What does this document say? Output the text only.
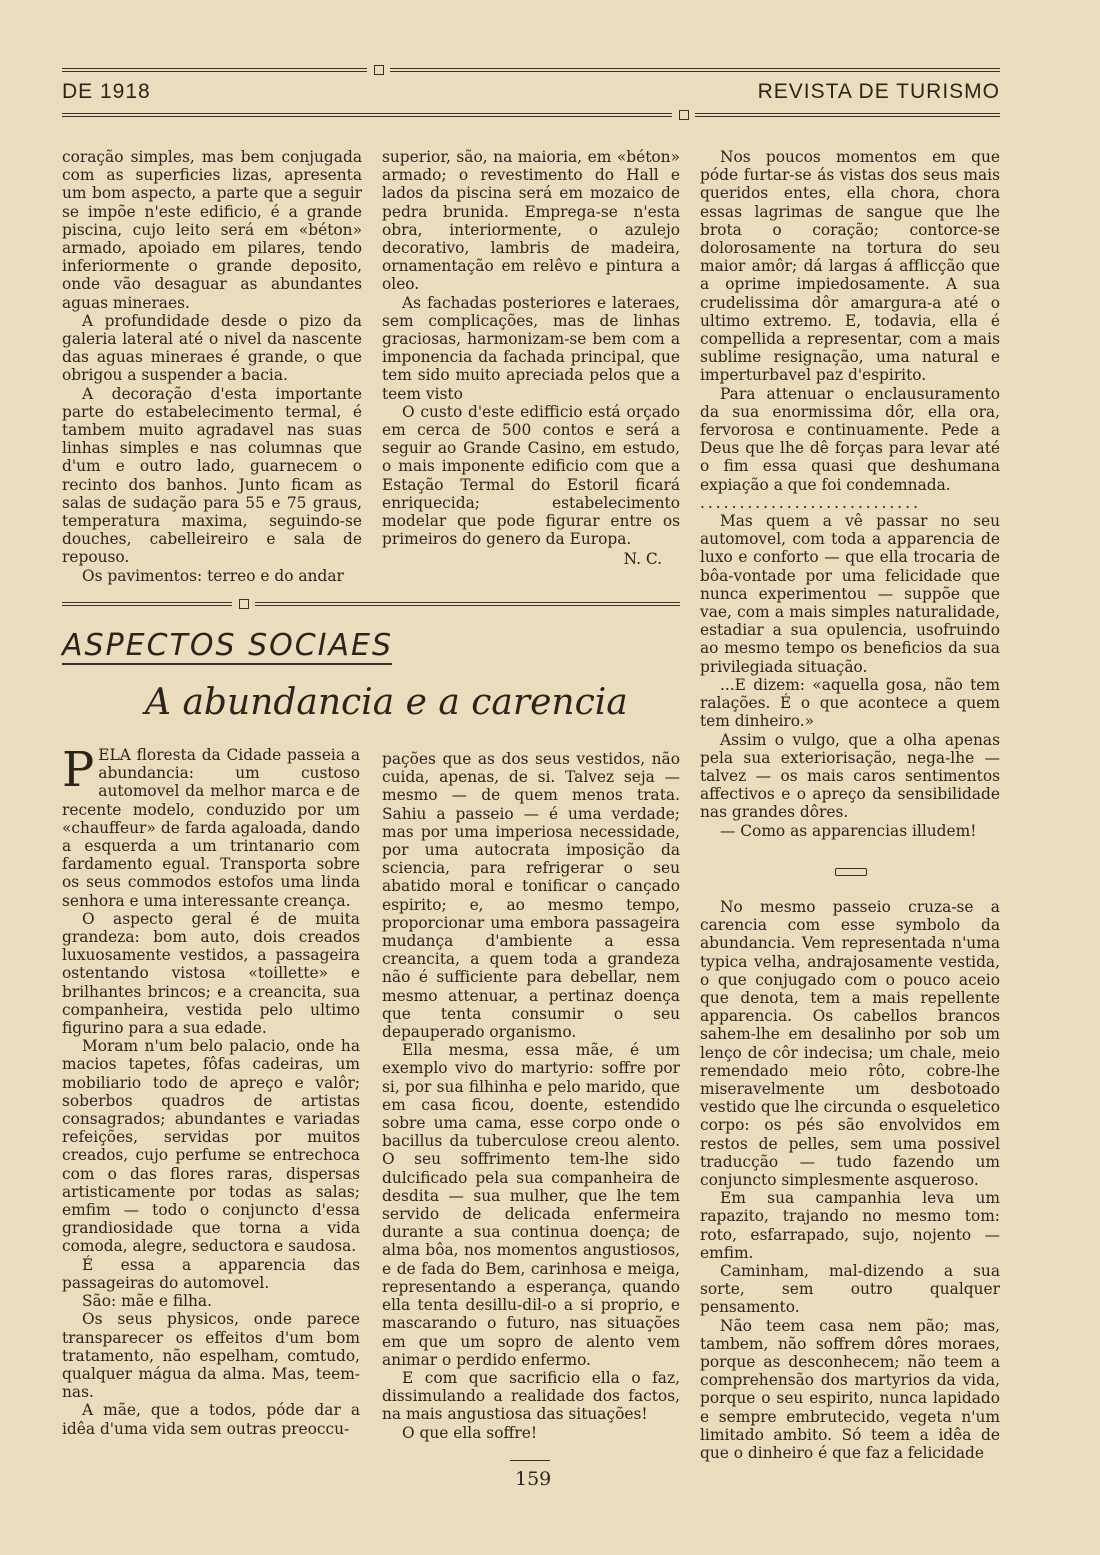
DE 1918	REVISTA DE TURISMO

coração simples, mas bem conjugada com as superficies lizas, apresenta um bom aspecto, a parte que a seguir se impõe n'este edificio, é a grande piscina, cujo leito será em «béton» armado, apoiado em pilares, tendo inferiormente o grande deposito, onde vão desaguar as abundantes aguas mineraes.

A profundidade desde o pizo da galeria lateral até o nivel da nascente das aguas mineraes é grande, o que obrigou a suspender a bacia.

A decoração d'esta importante parte do estabelecimento termal, é tambem muito agradavel nas suas linhas simples e nas columnas que d'um e outro lado, guarnecem o recinto dos banhos. Junto ficam as salas de sudação para 55 e 75 graus, temperatura maxima, seguindo-se douches, cabelleireiro e sala de repouso.

Os pavimentos: terreo e do andar

superior, são, na maioria, em «béton» armado; o revestimento do Hall e lados da piscina será em mozaico de pedra brunida. Emprega-se n'esta obra, interiormente, o azulejo decorativo, lambris de madeira, ornamentação em relêvo e pintura a oleo.

As fachadas posteriores e lateraes, sem complicações, mas de linhas graciosas, harmonizam-se bem com a imponencia da fachada principal, que tem sido muito apreciada pelos que a teem visto

O custo d'este edifficio está orçado em cerca de 500 contos e será a seguir ao Grande Casino, em estudo, o mais imponente edificio com que a Estação Termal do Estoril ficará enriquecida; estabelecimento modelar que pode figurar entre os primeiros do genero da Europa.

N. C.

ASPECTOS SOCIAES
A abundancia e a carencia

PELA floresta da Cidade passeia a abundancia: um custoso automovel da melhor marca e de recente modelo, conduzido por um «chauffeur» de farda agaloada, dando a esquerda a um trintanario com fardamento egual. Transporta sobre os seus commodos estofos uma linda senhora e uma interessante creança.

O aspecto geral é de muita grandeza: bom auto, dois creados luxuosamente vestidos, a passageira ostentando vistosa «toillette» e brilhantes brincos; e a creancita, sua companheira, vestida pelo ultimo figurino para a sua edade.

Moram n'um belo palacio, onde ha macios tapetes, fôfas cadeiras, um mobiliario todo de apreço e valôr; soberbos quadros de artistas consagrados; abundantes e variadas refeições, servidas por muitos creados, cujo perfume se entrechoca com o das flores raras, dispersas artisticamente por todas as salas; emfim — todo o conjuncto d'essa grandiosidade que torna a vida comoda, alegre, seductora e saudosa.

É essa a apparencia das passageiras do automovel.

São: mãe e filha.

Os seus physicos, onde parece transparecer os effeitos d'um bom tratamento, não espelham, comtudo, qualquer mágua da alma. Mas, teem-nas.

A mãe, que a todos, póde dar a idêa d'uma vida sem outras preoccu-

pações que as dos seus vestidos, não cuida, apenas, de si. Talvez seja — mesmo — de quem menos trata. Sahiu a passeio — é uma verdade; mas por uma imperiosa necessidade, por uma autocrata imposição da sciencia, para refrigerar o seu abatido moral e tonificar o cançado espirito; e, ao mesmo tempo, proporcionar uma embora passageira mudança d'ambiente a essa creancita, a quem toda a grandeza não é sufficiente para debellar, nem mesmo attenuar, a pertinaz doença que tenta consumir o seu depauperado organismo.

Ella mesma, essa mãe, é um exemplo vivo do martyrio: soffre por si, por sua filhinha e pelo marido, que em casa ficou, doente, estendido sobre uma cama, esse corpo onde o bacillus da tuberculose creou alento. O seu soffrimento tem-lhe sido dulcificado pela sua companheira de desdita — sua mulher, que lhe tem servido de delicada enfermeira durante a sua continua doença; de alma bôa, nos momentos angustiosos, e de fada do Bem, carinhosa e meiga, representando a esperança, quando ella tenta desillu-dil-o a si proprio, e mascarando o futuro, nas situações em que um sopro de alento vem animar o perdido enfermo.

E com que sacrificio ella o faz, dissimulando a realidade dos factos, na mais angustiosa das situações!

O que ella soffre!

Nos poucos momentos em que póde furtar-se ás vistas dos seus mais queridos entes, ella chora, chora essas lagrimas de sangue que lhe brota o coração; contorce-se dolorosamente na tortura do seu maior amôr; dá largas á afflicção que a oprime impiedosamente. A sua crudelissima dôr amargura-a até o ultimo extremo. E, todavia, ella é compellida a representar, com a mais sublime resignação, uma natural e imperturbavel paz d'espirito.

Para attenuar o enclausuramento da sua enormissima dôr, ella ora, fervorosa e continuamente. Pede a Deus que lhe dê forças para levar até o fim essa quasi que deshumana expiação a que foi condemnada.

............................

Mas quem a vê passar no seu automovel, com toda a apparencia de luxo e conforto — que ella trocaria de bôa-vontade por uma felicidade que nunca experimentou — suppõe que vae, com a mais simples naturalidade, estadiar a sua opulencia, usofruindo ao mesmo tempo os beneficios da sua privilegiada situação.

...E dizem: «aquella gosa, não tem ralações. É o que acontece a quem tem dinheiro.»

Assim o vulgo, que a olha apenas pela sua exteriorisação, nega-lhe — talvez — os mais caros sentimentos affectivos e o apreço da sensibilidade nas grandes dôres.

— Como as apparencias illudem!

No mesmo passeio cruza-se a carencia com esse symbolo da abundancia. Vem representada n'uma typica velha, andrajosamente vestida, o que conjugado com o pouco aceio que denota, tem a mais repellente apparencia. Os cabellos brancos sahem-lhe em desalinho por sob um lenço de côr indecisa; um chale, meio remendado meio rôto, cobre-lhe miseravelmente um desbotoado vestido que lhe circunda o esqueletico corpo: os pés são envolvidos em restos de pelles, sem uma possivel traducção — tudo fazendo um conjuncto simplesmente asqueroso.

Em sua campanhia leva um rapazito, trajando no mesmo tom: roto, esfarrapado, sujo, nojento — emfim.

Caminham, mal-dizendo a sua sorte, sem outro qualquer pensamento.

Não teem casa nem pão; mas, tambem, não soffrem dôres moraes, porque as desconhecem; não teem a comprehensão dos martyrios da vida, porque o seu espirito, nunca lapidado e sempre embrutecido, vegeta n'um limitado ambito. Só teem a idêa de que o dinheiro é que faz a felicidade

159
